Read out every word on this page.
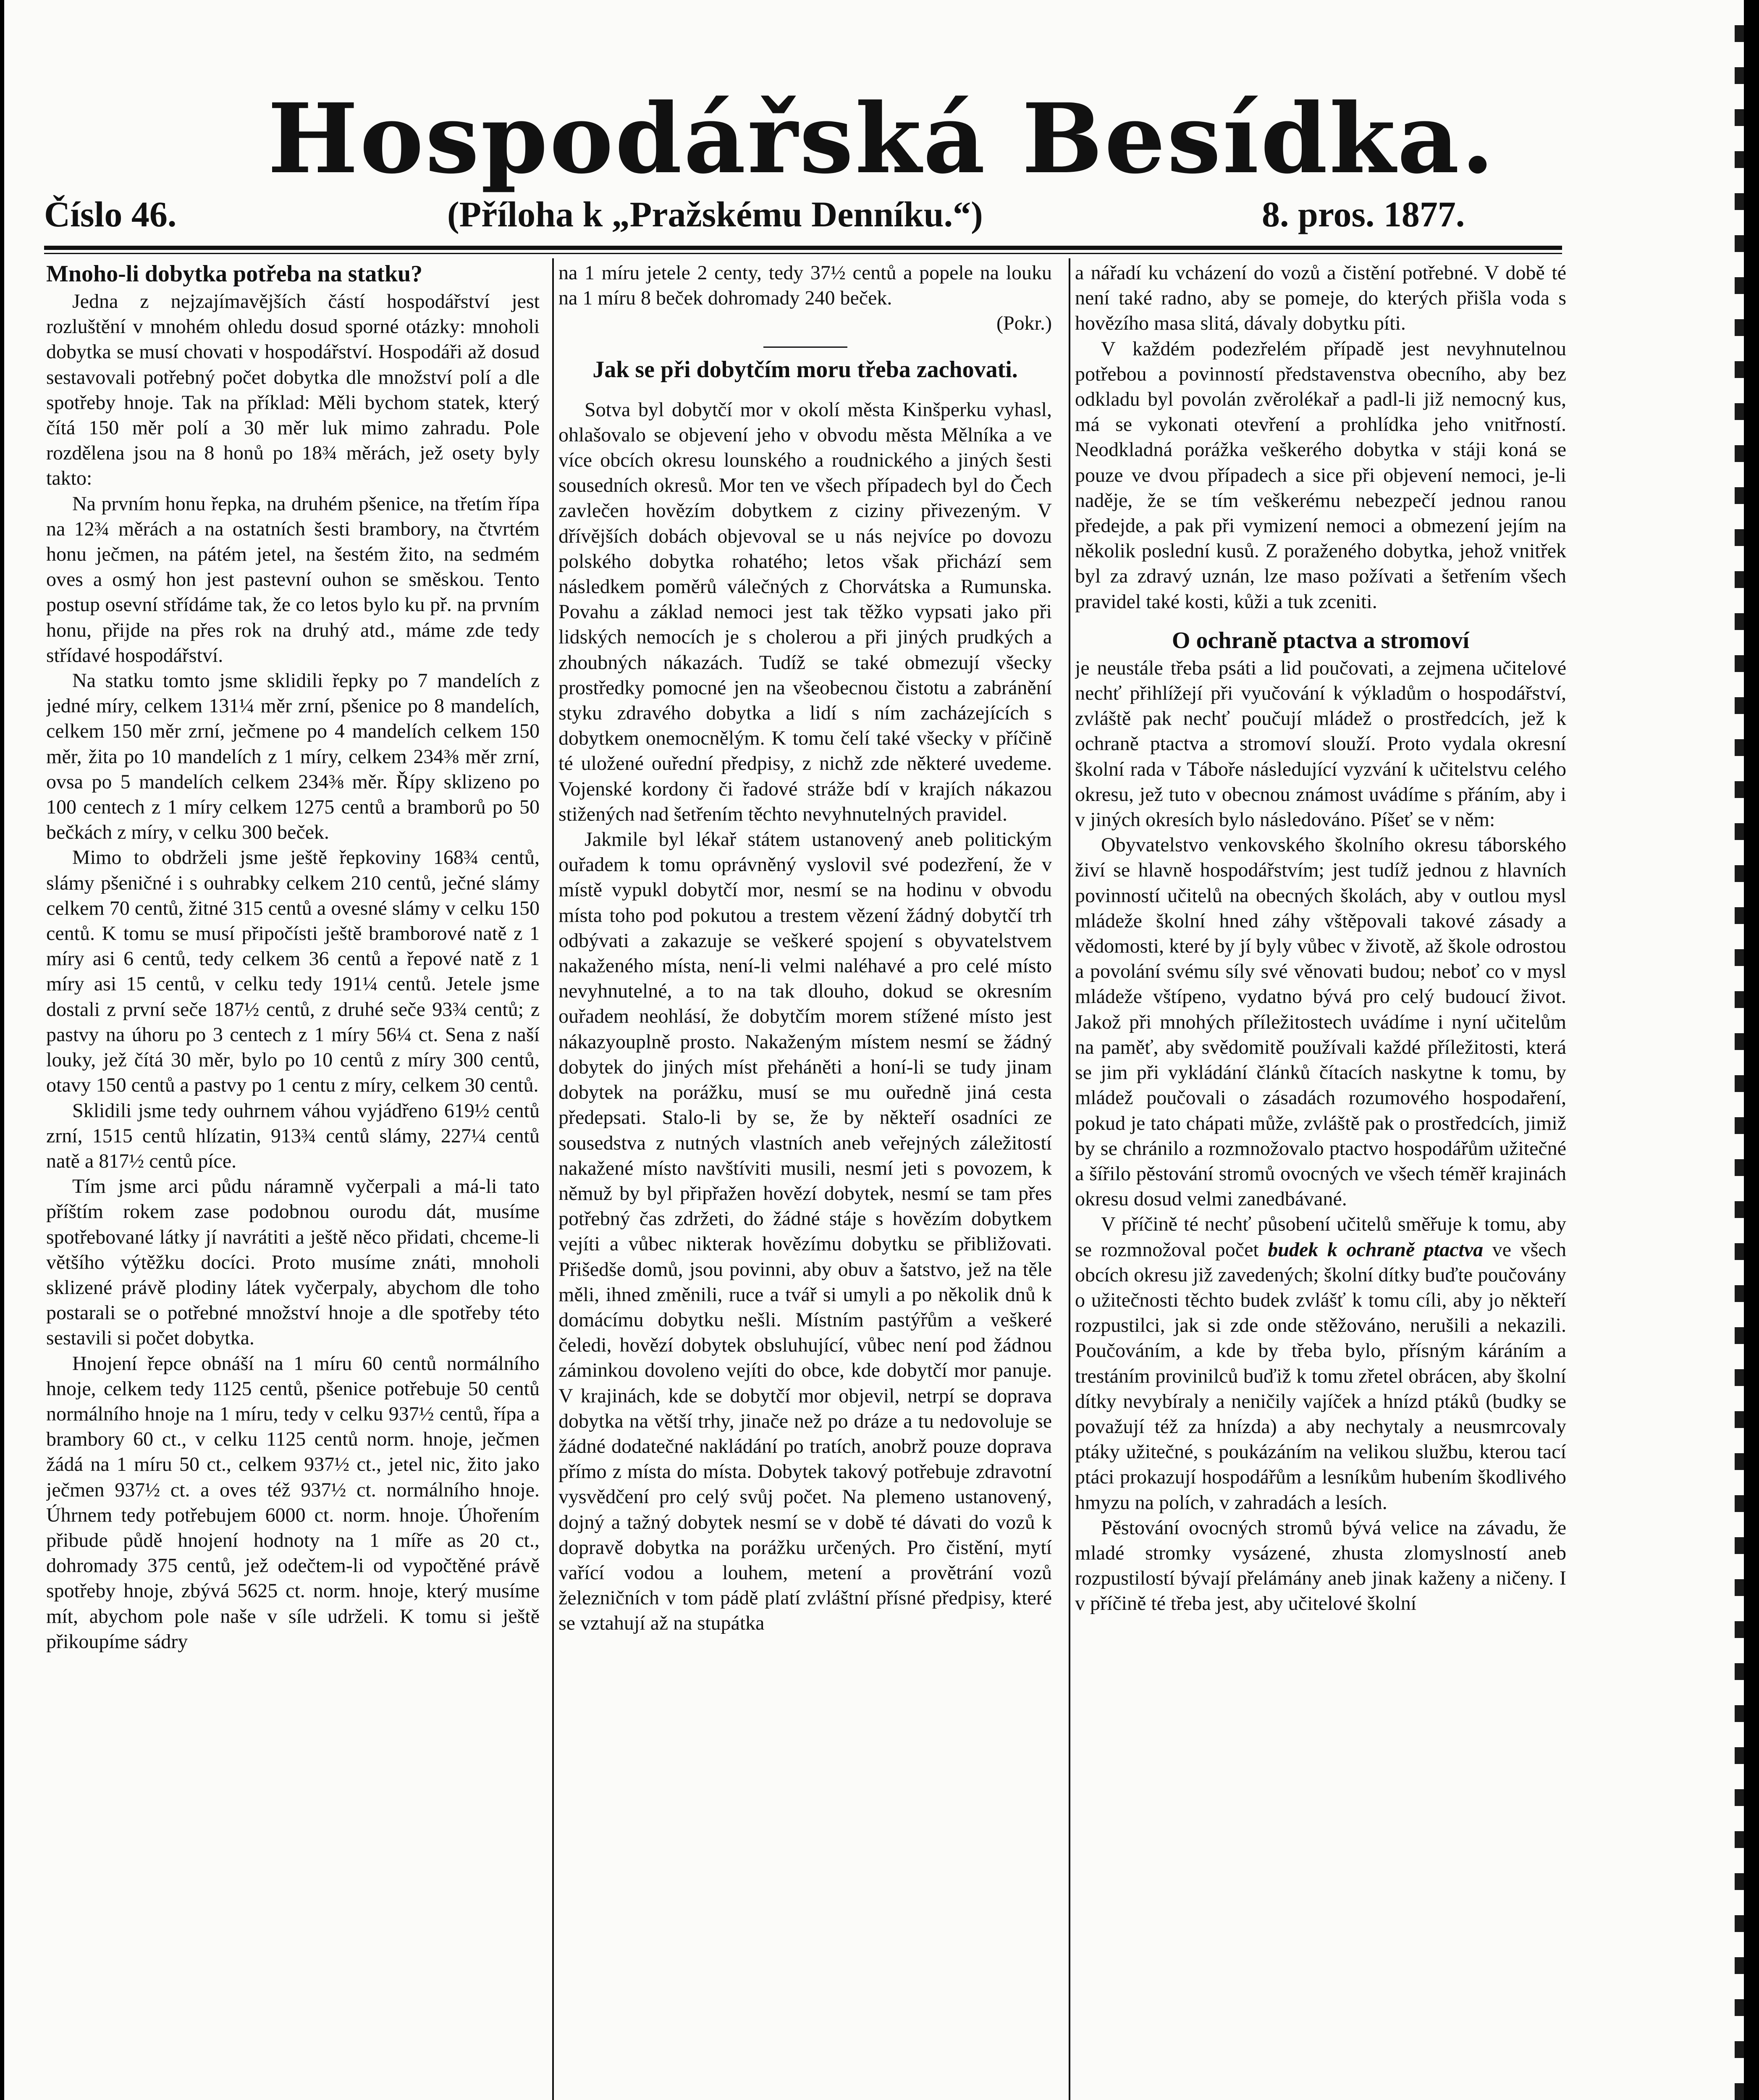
Hospodářská Besídka.
Číslo 46.	(Příloha k „Pražskému Denníku.“)	8. pros. 1877.
Mnoho-li dobytka potřeba na statku?

Jedna z nejzajímavějších částí hospodářství jest rozluštění v mnohém ohledu dosud sporné otázky: mnoholi dobytka se musí chovati v hospodářství. Hospodáři až dosud sestavovali potřebný počet dobytka dle množství polí a dle spotřeby hnoje. Tak na příklad: Měli bychom statek, který čítá 150 měr polí a 30 měr luk mimo zahradu. Pole rozdělena jsou na 8 honů po 18¾ měrách, jež osety byly takto:

Na prvním honu řepka, na druhém pšenice, na třetím řípa na 12¾ měrách a na ostatních šesti brambory, na čtvrtém honu ječmen, na pátém jetel, na šestém žito, na sedmém oves a osmý hon jest pastevní ouhon se směskou. Tento postup osevní střídáme tak, že co letos bylo ku př. na prvním honu, přijde na přes rok na druhý atd., máme zde tedy střídavé hospodářství.

Na statku tomto jsme sklidili řepky po 7 mandelích z jedné míry, celkem 131¼ měr zrní, pšenice po 8 mandelích, celkem 150 měr zrní, ječmene po 4 mandelích celkem 150 měr, žita po 10 mandelích z 1 míry, celkem 234⅜ měr zrní, ovsa po 5 mandelích celkem 234⅜ měr. Řípy sklizeno po 100 centech z 1 míry celkem 1275 centů a bramborů po 50 bečkách z míry, v celku 300 beček.

Mimo to obdrželi jsme ještě řepkoviny 168¾ centů, slámy pšeničné i s ouhrabky celkem 210 centů, ječné slámy celkem 70 centů, žitné 315 centů a ovesné slámy v celku 150 centů. K tomu se musí připočísti ještě bramborové natě z 1 míry asi 6 centů, tedy celkem 36 centů a řepové natě z 1 míry asi 15 centů, v celku tedy 191¼ centů. Jetele jsme dostali z první seče 187½ centů, z druhé seče 93¾ centů; z pastvy na úhoru po 3 centech z 1 míry 56¼ ct. Sena z naší louky, jež čítá 30 měr, bylo po 10 centů z míry 300 centů, otavy 150 centů a pastvy po 1 centu z míry, celkem 30 centů.

Sklidili jsme tedy ouhrnem váhou vyjádřeno 619½ centů zrní, 1515 centů hlízatin, 913¾ centů slámy, 227¼ centů natě a 817½ centů píce.

Tím jsme arci půdu náramně vyčerpali a má-li tato příštím rokem zase podobnou ourodu dát, musíme spotřebované látky jí navrátiti a ještě něco přidati, chceme-li většího výtěžku docíci. Proto musíme znáti, mnoholi sklizené právě plodiny látek vyčerpaly, abychom dle toho postarali se o potřebné množství hnoje a dle spotřeby této sestavili si počet dobytka.

Hnojení řepce obnáší na 1 míru 60 centů normálního hnoje, celkem tedy 1125 centů, pšenice potřebuje 50 centů normálního hnoje na 1 míru, tedy v celku 937½ centů, řípa a brambory 60 ct., v celku 1125 centů norm. hnoje, ječmen žádá na 1 míru 50 ct., celkem 937½ ct., jetel nic, žito jako ječmen 937½ ct. a oves též 937½ ct. normálního hnoje. Úhrnem tedy potřebujem 6000 ct. norm. hnoje. Úhořením přibude půdě hnojení hodnoty na 1 míře as 20 ct., dohromady 375 centů, jež odečtem-li od vypočtěné právě spotřeby hnoje, zbývá 5625 ct. norm. hnoje, který musíme mít, abychom pole naše v síle udrželi. K tomu si ještě přikoupíme sádry

na 1 míru jetele 2 centy, tedy 37½ centů a popele na louku na 1 míru 8 beček dohromady 240 beček.

(Pokr.)

Jak se při dobytčím moru třeba zachovati.

Sotva byl dobytčí mor v okolí města Kinšperku vyhasl, ohlašovalo se objevení jeho v obvodu města Mělníka a ve více obcích okresu lounského a roudnického a jiných šesti sousedních okresů. Mor ten ve všech případech byl do Čech zavlečen hovězím dobytkem z ciziny přivezeným. V dřívějších dobách objevoval se u nás nejvíce po dovozu polského dobytka rohatého; letos však přichází sem následkem poměrů válečných z Chorvátska a Rumunska. Povahu a základ nemoci jest tak těžko vypsati jako při lidských nemocích je s cholerou a při jiných prudkých a zhoubných nákazách. Tudíž se také obmezují všecky prostředky pomocné jen na všeobecnou čistotu a zabránění styku zdravého dobytka a lidí s ním zacházejících s dobytkem onemocnělým. K tomu čelí také všecky v příčině té uložené ouřední předpisy, z nichž zde některé uvedeme. Vojenské kordony či řadové stráže bdí v krajích nákazou stižených nad šetřením těchto nevyhnutelných pravidel.

Jakmile byl lékař státem ustanovený aneb politickým ouřadem k tomu oprávněný vyslovil své podezření, že v místě vypukl dobytčí mor, nesmí se na hodinu v obvodu místa toho pod pokutou a trestem vězení žádný dobytčí trh odbývati a zakazuje se veškeré spojení s obyvatelstvem nakaženého místa, není-li velmi naléhavé a pro celé místo nevyhnutelné, a to na tak dlouho, dokud se okresním ouřadem neohlásí, že dobytčím morem stížené místo jest nákazyouplně prosto. Nakaženým místem nesmí se žádný dobytek do jiných míst přeháněti a honí-li se tudy jinam dobytek na porážku, musí se mu ouředně jiná cesta předepsati. Stalo-li by se, že by někteří osadníci ze sousedstva z nutných vlastních aneb veřejných záležitostí nakažené místo navštíviti musili, nesmí jeti s povozem, k němuž by byl připřažen hovězí dobytek, nesmí se tam přes potřebný čas zdržeti, do žádné stáje s hovězím dobytkem vejíti a vůbec nikterak hovězímu dobytku se přibližovati. Přišedše domů, jsou povinni, aby obuv a šatstvo, jež na těle měli, ihned změnili, ruce a tvář si umyli a po několik dnů k domácímu dobytku nešli. Místním pastýřům a veškeré čeledi, hovězí dobytek obsluhující, vůbec není pod žádnou záminkou dovoleno vejíti do obce, kde dobytčí mor panuje. V krajinách, kde se dobytčí mor objevil, netrpí se doprava dobytka na větší trhy, jinače než po dráze a tu nedovoluje se žádné dodatečné nakládání po tratích, anobrž pouze doprava přímo z místa do místa. Dobytek takový potřebuje zdravotní vysvědčení pro celý svůj počet. Na plemeno ustanovený, dojný a tažný dobytek nesmí se v době té dávati do vozů k dopravě dobytka na porážku určených. Pro čistění, mytí vařící vodou a louhem, metení a provětrání vozů železničních v tom pádě platí zvláštní přísné předpisy, které se vztahují až na stupátka

a nářadí ku vcházení do vozů a čistění potřebné. V době té není také radno, aby se pomeje, do kterých přišla voda s hovězího masa slitá, dávaly dobytku píti.

V každém podezřelém případě jest nevyhnutelnou potřebou a povinností představenstva obecního, aby bez odkladu byl povolán zvěrolékař a padl-li již nemocný kus, má se vykonati otevření a prohlídka jeho vnitřností. Neodkladná porážka veškerého dobytka v stáji koná se pouze ve dvou případech a sice při objevení nemoci, je-li naděje, že se tím veškerému nebezpečí jednou ranou předejde, a pak při vymizení nemoci a obmezení jejím na několik poslední kusů. Z poraženého dobytka, jehož vnitřek byl za zdravý uznán, lze maso požívati a šetřením všech pravidel také kosti, kůži a tuk zceniti.

O ochraně ptactva a stromoví

je neustále třeba psáti a lid poučovati, a zejmena učitelové nechť přihlížejí při vyučování k výkladům o hospodářství, zvláště pak nechť poučují mládež o prostředcích, jež k ochraně ptactva a stromoví slouží. Proto vydala okresní školní rada v Táboře následující vyzvání k učitelstvu celého okresu, jež tuto v obecnou známost uvádíme s přáním, aby i v jiných okresích bylo následováno. Píšeť se v něm:

Obyvatelstvo venkovského školního okresu táborského živí se hlavně hospodářstvím; jest tudíž jednou z hlavních povinností učitelů na obecných školách, aby v outlou mysl mládeže školní hned záhy vštěpovali takové zásady a vědomosti, které by jí byly vůbec v životě, až škole odrostou a povolání svému síly své věnovati budou; neboť co v mysl mládeže vštípeno, vydatno bývá pro celý budoucí život. Jakož při mnohých příležitostech uvádíme i nyní učitelům na paměť, aby svědomitě používali každé příležitosti, která se jim při vykládání článků čítacích naskytne k tomu, by mládež poučovali o zásadách rozumového hospodaření, pokud je tato chápati může, zvláště pak o prostředcích, jimiž by se chránilo a rozmnožovalo ptactvo hospodářům užitečné a šířilo pěstování stromů ovocných ve všech téměř krajinách okresu dosud velmi zanedbávané.

V příčině té nechť působení učitelů směřuje k tomu, aby se rozmnožoval počet budek k ochraně ptactva ve všech obcích okresu již zavedených; školní dítky buďte poučovány o užitečnosti těchto budek zvlášť k tomu cíli, aby jo někteří rozpustilci, jak si zde onde stěžováno, nerušili a nekazili. Poučováním, a kde by třeba bylo, přísným káráním a trestáním provinilců buďiž k tomu zřetel obrácen, aby školní dítky nevybíraly a neničily vajíček a hnízd ptáků (budky se považují též za hnízda) a aby nechytaly a neusmrcovaly ptáky užitečné, s poukázáním na velikou službu, kterou tací ptáci prokazují hospodářům a lesníkům hubením škodlivého hmyzu na polích, v zahradách a lesích.

Pěstování ovocných stromů bývá velice na závadu, že mladé stromky vysázené, zhusta zlomyslností aneb rozpustilostí bývají přelámány aneb jinak kaženy a ničeny. I v příčině té třeba jest, aby učitelové školní
